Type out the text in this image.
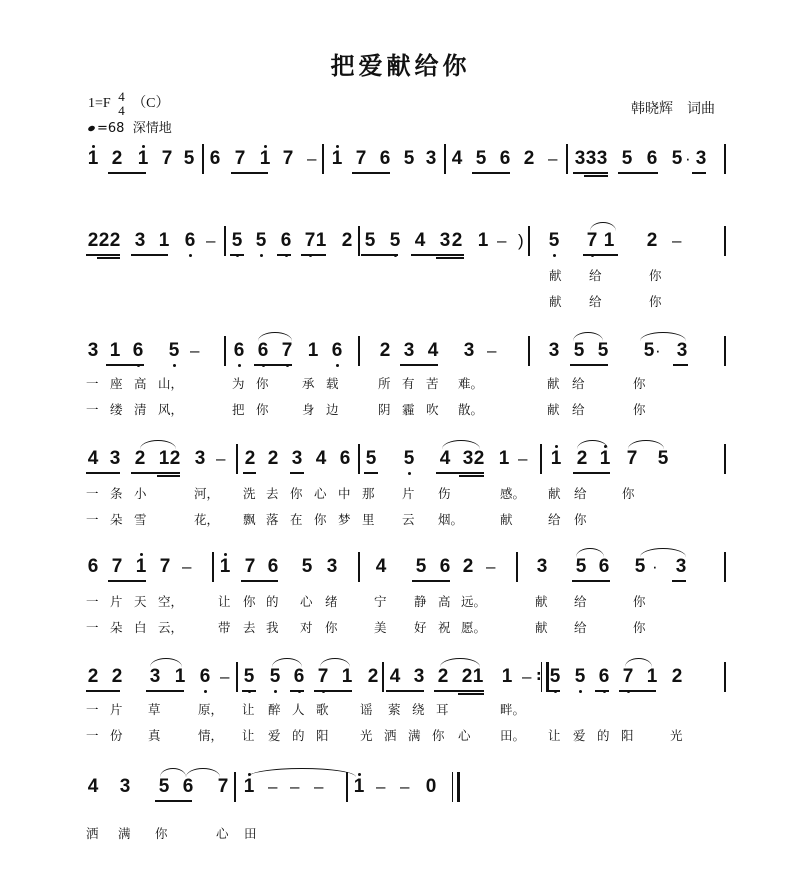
把爱献给你
1=F 4
4 （C）
=68 深情地
韩晓辉　词曲
1 2 1 7 5 6 7 1 7 – 1 7 6 5 3 4 5 6 2 – 3 3 3 5 6 5 3
·
2 2 2 3 1 6 – 5 5 6 7 1 2 5 5 4 3 2 1 – 5 7 1 2 –
)
献 给	你
献 给	你
3 1 6 5 – 6 6 7 1 6 2 3 4 3 –	3 5 5 5 3
·
一 座 高 山，	为 你	承 载	所 有 苦 难。	献 给	你
一 缕 清 风，	把 你	身 边	阴 霾 吹 散。	献 给	你
4 3 2 1 2 3 – 2 2 3 4 6 5 5 4 3 2 1 – 1 2 1 7 5
一 条 小	河， 洗 去 你 心 中 那 片 伤	感。 献 给	你
一 朵 雪	花， 飘 落 在 你 梦 里 云 烟。	献	给 你
6 7 1 7 – 1 7 6 5 3 4 5 6 2 – 3 5 6 5 3
·
一 片 天 空，	让 你 的 心 绪	宁 静 高 远。	献 给	你
一 朵 白 云，	带 去 我 对 你	美 好 祝 愿。	献 给	你
2 2 3 1 6 – 5 5 6 7 1 2 4 3 2 2 1 1 – 5 5 6 7 1 2
:
一 片 草	原， 让 醉 人 歌	谣 萦 绕 耳	畔。
一 份 真	情， 让 爱 的 阳	光 洒 满 你 心 田。 让 爱 的 阳	光
4 3 5 6 7 1 – – – 1 – – 0
洒 满 你	心 田
